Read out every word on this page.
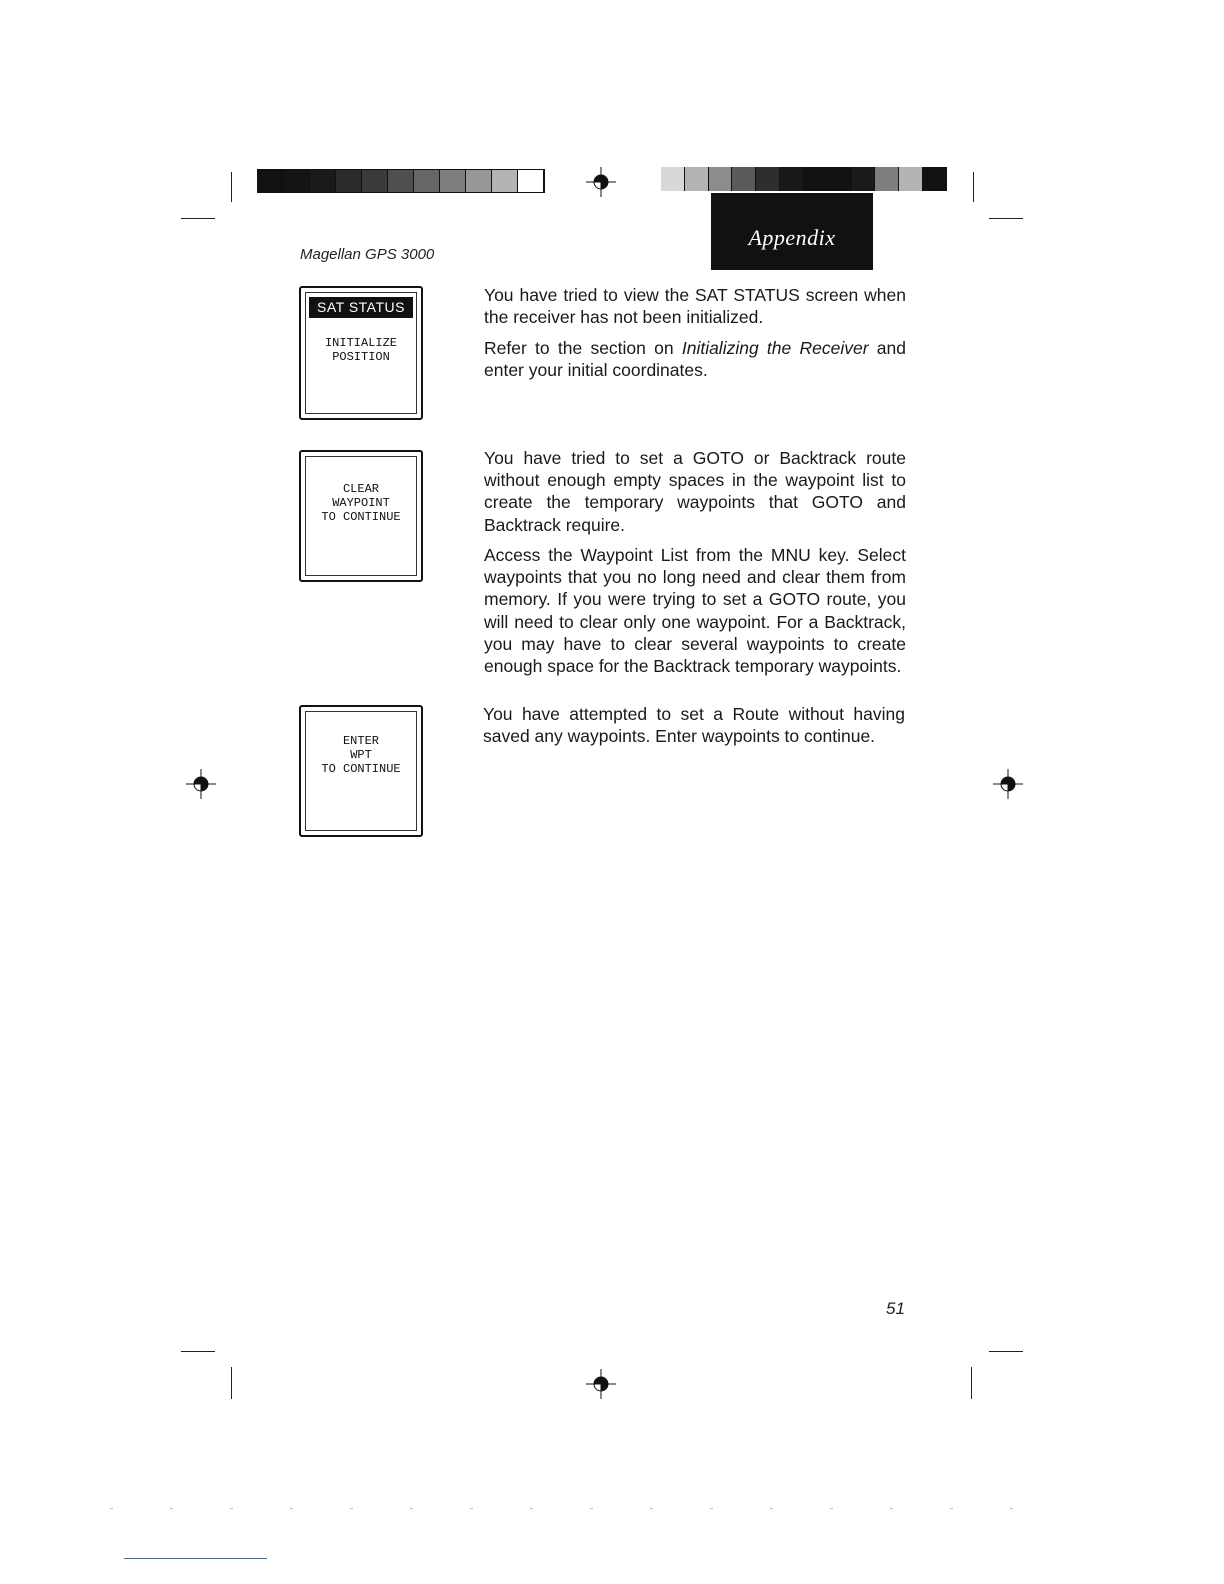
Appendix
Magellan GPS 3000
SAT STATUS
INITIALIZE
POSITION
CLEAR
WAYPOINT
TO CONTINUE
ENTER
WPT
TO CONTINUE

You have tried to view the SAT STATUS screen when the receiver has not been initialized.

Refer to the section on Initializing the Receiver and enter your initial coordinates.

You have tried to set a GOTO or Backtrack route without enough empty spaces in the waypoint list to create the temporary waypoints that GOTO and Backtrack require.

Access the Waypoint List from the MNU key. Select waypoints that you no long need and clear them from memory. If you were trying to set a GOTO route, you will need to clear only one waypoint. For a Backtrack, you may have to clear several waypoints to create enough space for the Backtrack temporary waypoints.

You have attempted to set a Route without having saved any waypoints. Enter waypoints to continue.

51
